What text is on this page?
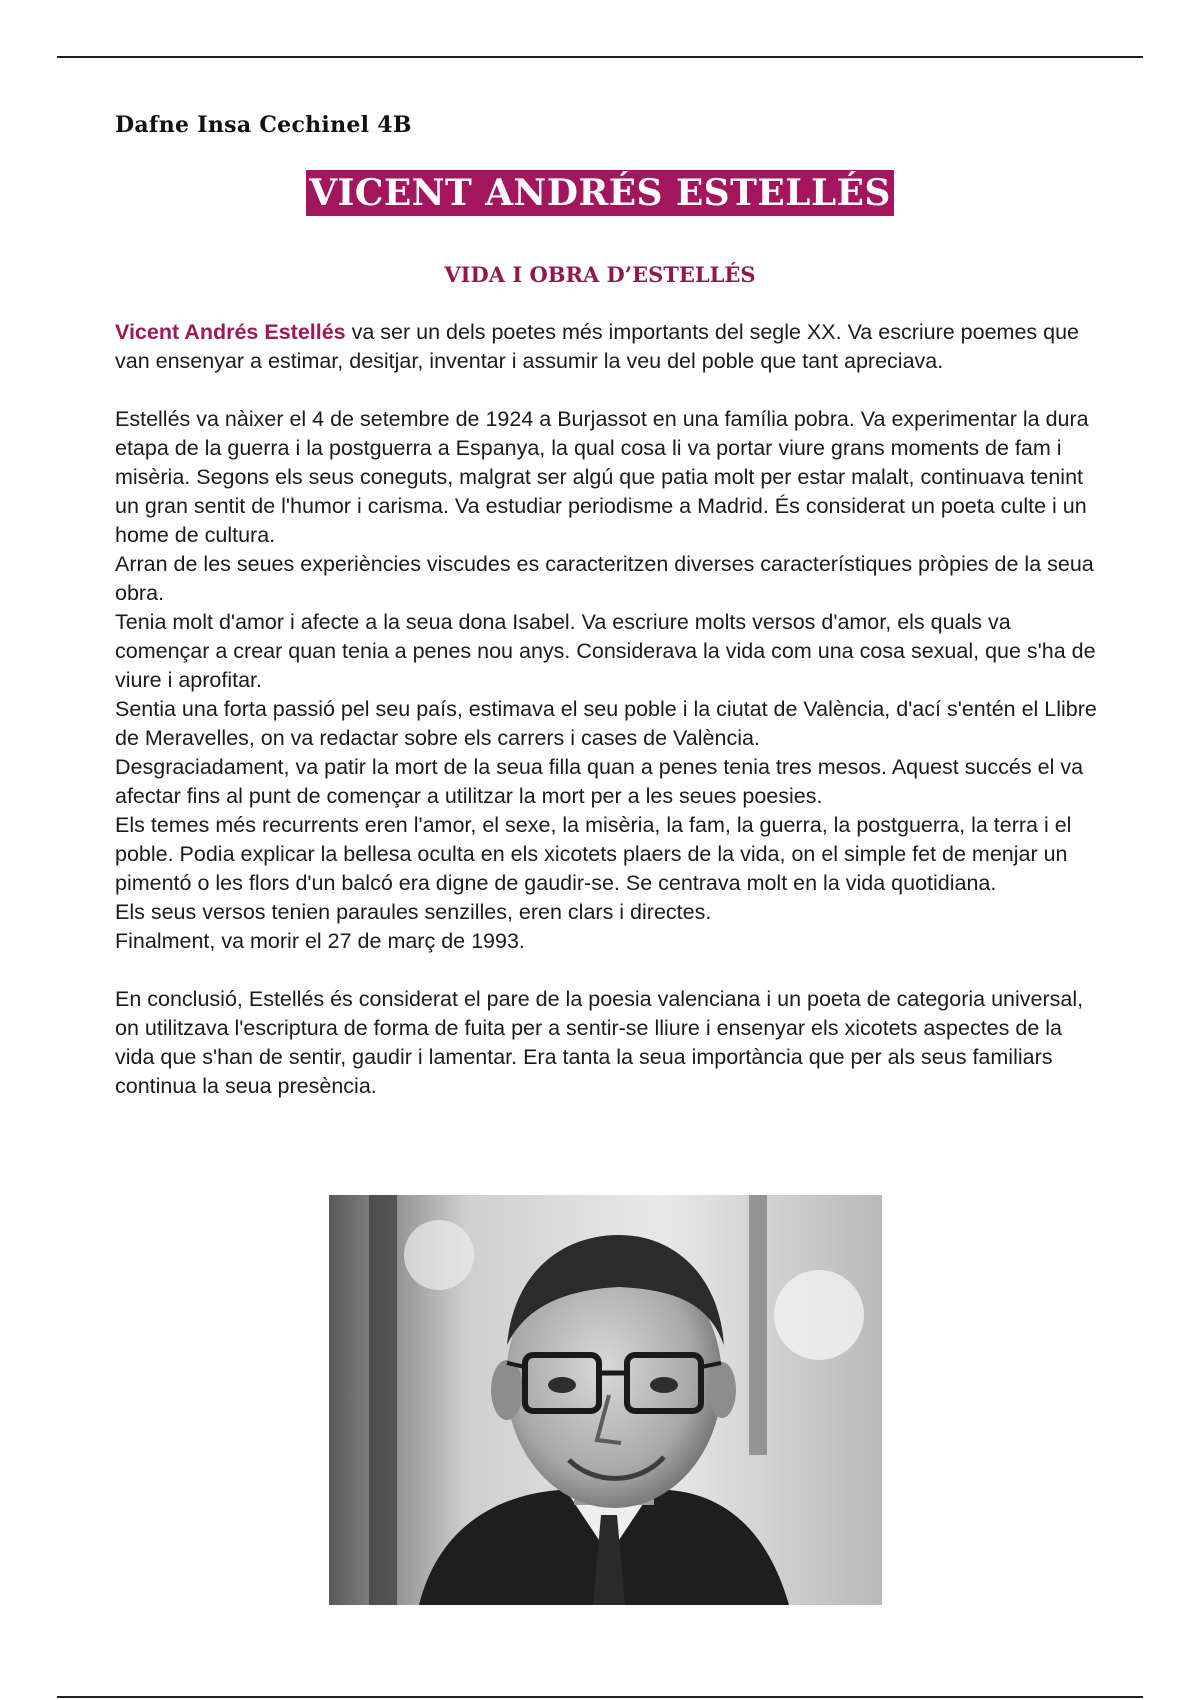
Dafne Insa Cechinel 4B

VICENT ANDRÉS ESTELLÉS
VIDA I OBRA D’ESTELLÉS

Vicent Andrés Estellés va ser un dels poetes més importants del segle XX. Va escriure poemes que van ensenyar a estimar, desitjar, inventar i assumir la veu del poble que tant apreciava.

Estellés va nàixer el 4 de setembre de 1924 a Burjassot en una família pobra. Va experimentar la dura etapa de la guerra i la postguerra a Espanya, la qual cosa li va portar viure grans moments de fam i misèria. Segons els seus coneguts, malgrat ser algú que patia molt per estar malalt, continuava tenint un gran sentit de l'humor i carisma. Va estudiar periodisme a Madrid. És considerat un poeta culte i un home de cultura.

Arran de les seues experiències viscudes es caracteritzen diverses característiques pròpies de la seua obra.

Tenia molt d'amor i afecte a la seua dona Isabel. Va escriure molts versos d'amor, els quals va començar a crear quan tenia a penes nou anys. Considerava la vida com una cosa sexual, que s'ha de viure i aprofitar.

Sentia una forta passió pel seu país, estimava el seu poble i la ciutat de València, d'ací s'entén el Llibre de Meravelles, on va redactar sobre els carrers i cases de València.

Desgraciadament, va patir la mort de la seua filla quan a penes tenia tres mesos. Aquest succés el va afectar fins al punt de començar a utilitzar la mort per a les seues poesies.

Els temes més recurrents eren l'amor, el sexe, la misèria, la fam, la guerra, la postguerra, la terra i el poble. Podia explicar la bellesa oculta en els xicotets plaers de la vida, on el simple fet de menjar un pimentó o les flors d'un balcó era digne de gaudir-se. Se centrava molt en la vida quotidiana.

Els seus versos tenien paraules senzilles, eren clars i directes.

Finalment, va morir el 27 de març de 1993.

En conclusió, Estellés és considerat el pare de la poesia valenciana i un poeta de categoria universal, on utilitzava l'escriptura de forma de fuita per a sentir-se lliure i ensenyar els xicotets aspectes de la vida que s'han de sentir, gaudir i lamentar. Era tanta la seua importància que per als seus familiars continua la seua presència.
